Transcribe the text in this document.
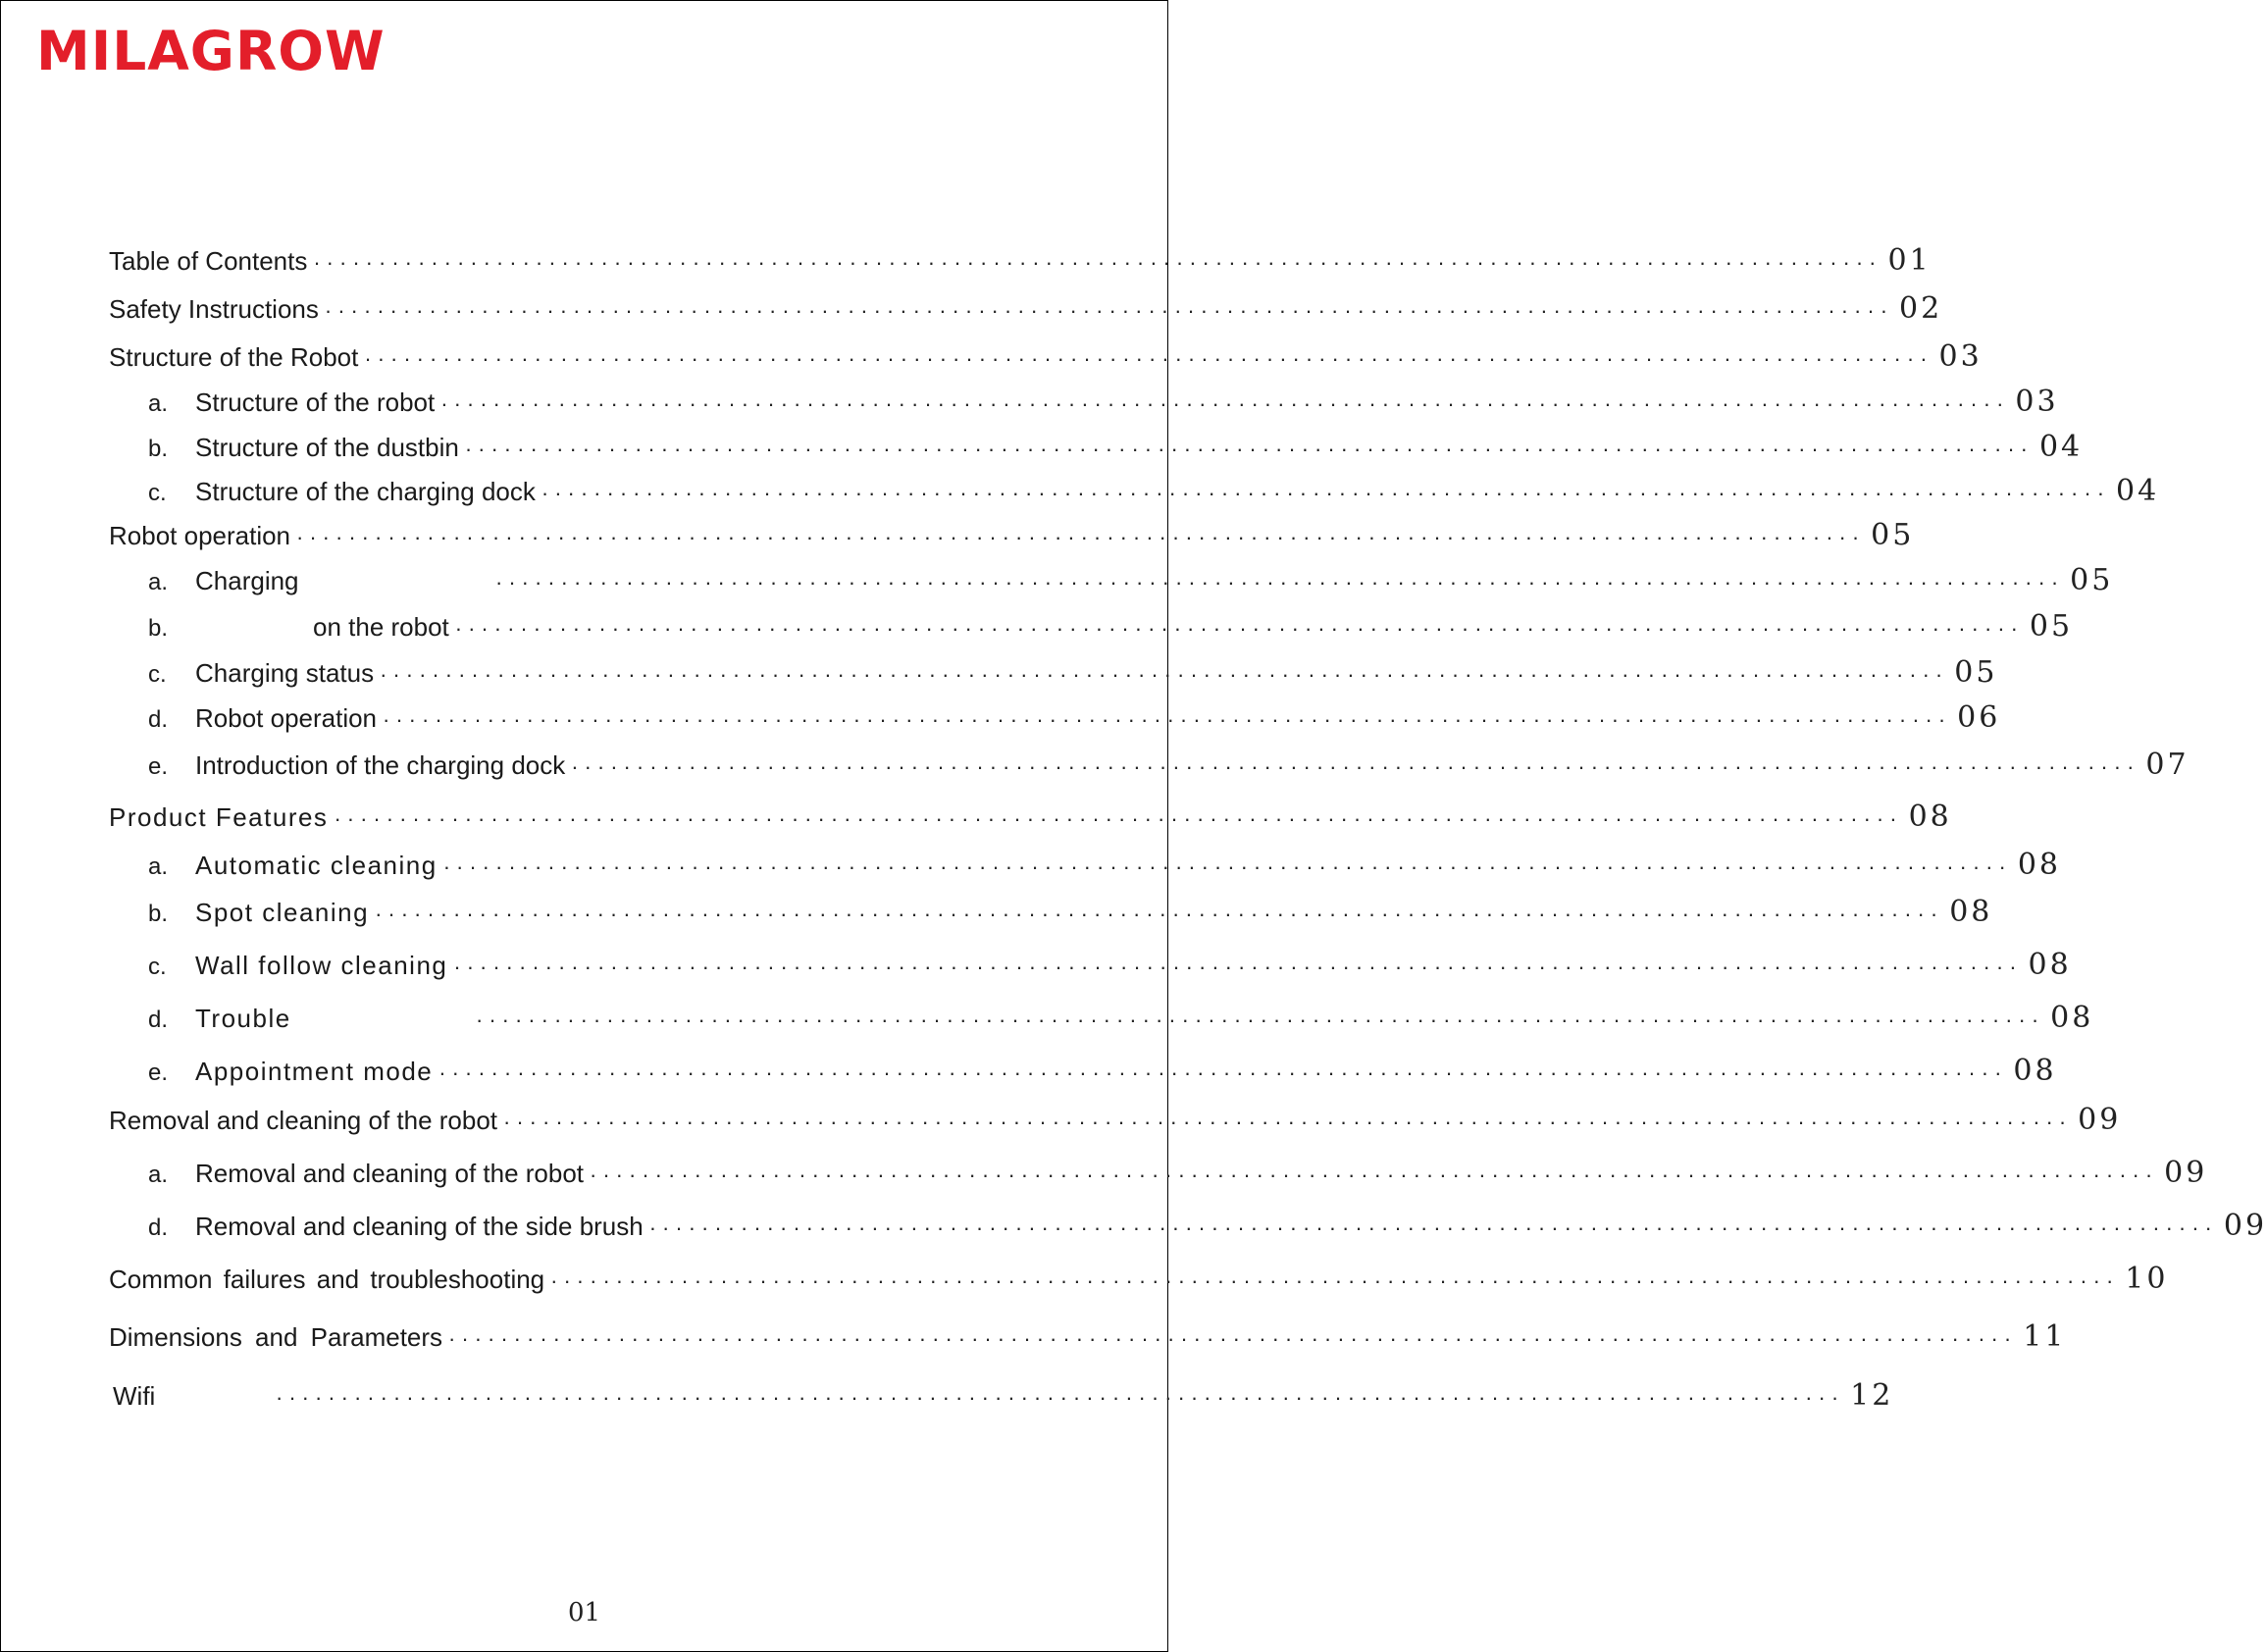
MILAGROW
Table of Contents ························································································································ 01
Safety Instructions ························································································································ 02
Structure of the Robot ························································································································ 03
a.	Structure of the robot ························································································································ 03
b.	Structure of the dustbin ························································································································ 04
c.	Structure of the charging dock ························································································································ 04
Robot operation ························································································································ 05
a.	Charging	························································································································ 05
b.	on the robot ························································································································ 05
c.	Charging status ························································································································ 05
d.	Robot operation ························································································································ 06
e.	Introduction of the charging dock ························································································································ 07
Product Features ························································································································ 08
a.	Automatic cleaning ························································································································ 08
b.	Spot cleaning ························································································································ 08
c.	Wall follow cleaning ························································································································ 08
d.	Trouble	························································································································ 08
e.	Appointment mode ························································································································ 08
Removal and cleaning of the robot ························································································································ 09
a.	Removal and cleaning of the robot ························································································································ 09
d.	Removal and cleaning of the side brush ························································································································ 09
Common failures and troubleshooting ························································································································ 10
Dimensions and Parameters ························································································································ 11
Wifi	························································································································ 12
01
